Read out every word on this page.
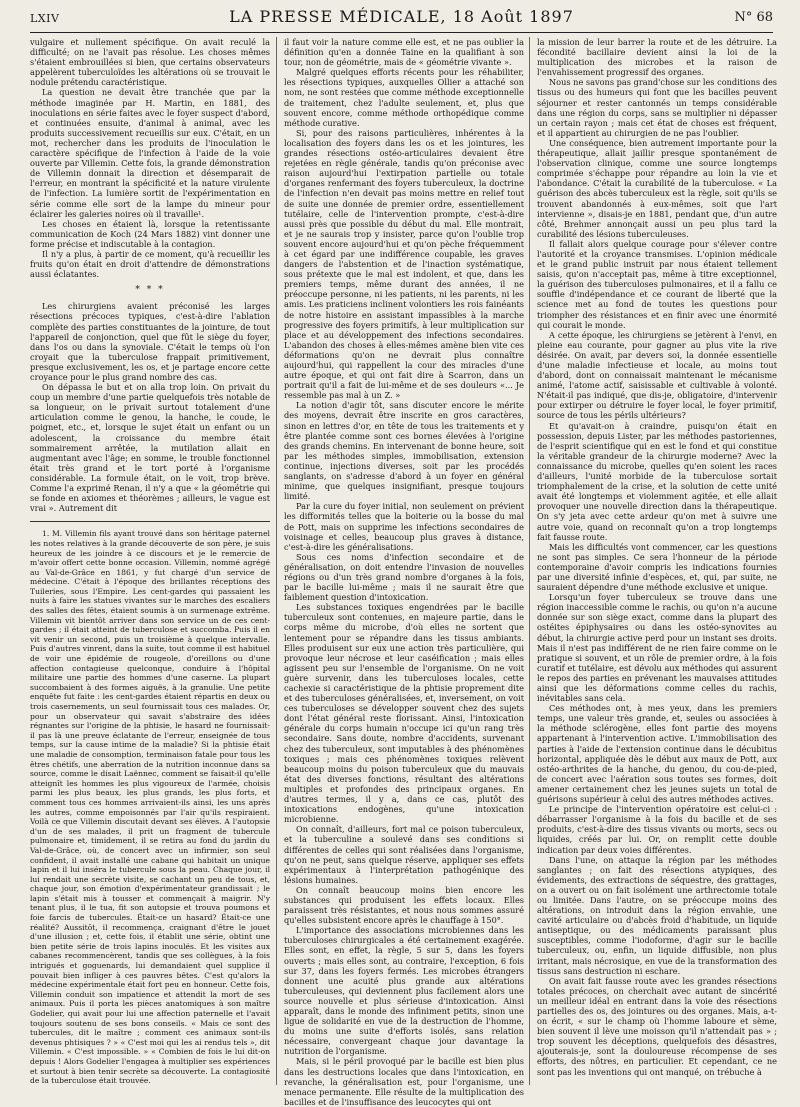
LXIV	LA PRESSE MÉDICALE, 18 Août 1897	N° 68

vulgaire et nullement spécifique. On avait reculé la difficulté; on ne l'avait pas résolue. Les choses mêmes s'étaient embrouillées si bien, que certains observateurs appelèrent tuberculoïdes les altérations où se trouvait le nodule prétendu caractéristique.

La question ne devait être tranchée que par la méthode imaginée par H. Martin, en 1881, des inoculations en série faites avec le foyer suspect d'abord, et continuées ensuite, d'animal à animal, avec les produits successivement recueillis sur eux. C'était, en un mot, rechercher dans les produits de l'inoculation le caractère spécifique de l'infection à l'aide de la voie ouverte par Villemin. Cette fois, la grande démonstration de Villemin donnait la direction et désemparait de l'erreur, en montrant la spécificité et la nature virulente de l'infection. La lumière sortit de l'expérimentation en série comme elle sort de la lampe du mineur pour éclairer les galeries noires où il travaille¹.

Les choses en étaient là, lorsque la retentissante communication de Koch (24 Mars 1882) vint donner une forme précise et indiscutable à la contagion.

Il n'y a plus, à partir de ce moment, qu'à recueillir les fruits qu'on était en droit d'attendre de démonstrations aussi éclatantes.

* * *

Les chirurgiens avaient préconisé les larges résections précoces typiques, c'est-à-dire l'ablation complète des parties constituantes de la jointure, de tout l'appareil de conjonction, quel que fût le siège du foyer, dans l'os ou dans la synoviale. C'était le temps où l'on croyait que la tuberculose frappait primitivement, presque exclusivement, les os, et je partage encore cette croyance pour le plus grand nombre des cas.

On dépassa le but et on alla trop loin. On privait du coup un membre d'une partie quelquefois très notable de sa longueur, on le privait surtout totalement d'une articulation comme le genou, la hanche, le coude, le poignet, etc., et, lorsque le sujet était un enfant ou un adolescent, la croissance du membre était sommairement arrêtée, la mutilation allait en augmentant avec l'âge; en somme, le trouble fonctionnel était très grand et le tort porté à l'organisme considérable. La formule était, on le voit, trop brève. Comme l'a exprimé Renan, il n'y a que « la géométrie qui se fonde en axiomes et théorèmes ; ailleurs, le vague est vrai ». Autrement dit

1. M. Villemin fils ayant trouvé dans son héritage paternel les notes relatives à la grande découverte de son père, je suis heureux de les joindre à ce discours et je le remercie de m'avoir offert cette bonne occasion. Villemin, nommé agrégé au Val-de-Grâce en 1861, y fut chargé d'un service de médecine. C'était à l'époque des brillantes réceptions des Tuileries, sous l'Empire. Les cent-gardes qui passaient les nuits à faire les statues vivantes sur le marches des escaliers des salles des fêtes, étaient soumis à un surmenage extrême. Villemin vit bientôt arriver dans son service un de ces cent-gardes ; il était atteint de tuberculose et succomba. Puis il en vit venir un second, puis un troisième à quelque intervalle. Puis d'autres vinrent, dans la suite, tout comme il est habituel de voir une épidémie de rougeole, d'oreillons ou d'une affection contagieuse quelconque, conduire à l'hôpital militaire une partie des hommes d'une caserne. La plupart succombaient à des formes aiguës, à la granulie. Une petite enquête fut faite : les cent-gardes étaient répartis en deux ou trois casernements, un seul fournissait tous ces malades. Or, pour un observateur qui savait s'abstraire des idées régnantes sur l'origine de la phtisie, le hasard ne fournissait-il pas là une preuve éclatante de l'erreur, enseignée de tous temps, sur la cause intime de la maladie? Si la phtisie était une maladie de consomption, terminaison fatale pour tous les êtres chétifs, une aberration de la nutrition inconnue dans sa source, comme le disait Laënnec, comment se faisait-il qu'elle atteignît les hommes les plus vigoureux de l'armée, choisis parmi les plus beaux, les plus grands, les plus forts, et comment tous ces hommes arrivaient-ils ainsi, les uns après les autres, comme empoisonnés par l'air qu'ils respiraient. Voilà ce que Villemin discutait devant ses élèves. A l'autopsie d'un de ses malades, il prit un fragment de tubercule pulmonaire et, timidement, il se retira au fond du jardin du Val-de-Grâce, où, de concert avec un infirmier, son seul confident, il avait installé une cabane qui habitait un unique lapin et il lui inséra le tubercule sous la peau. Chaque jour, il lui rendait une secrète visite, se cachant un peu de tous, et, chaque jour, son émotion d'expérimentateur grandissait ; le lapin s'était mis à tousser et commençait à maigrir. N'y tenant plus, il le tua, fit son autopsie et trouva poumons et foie farcis de tubercules. Était-ce un hasard? Était-ce une réalité? Aussitôt, il recommença, craignant d'être le jouet d'une illusion ; et, cette fois, il établit une série, obtint une bien petite série de trois lapins inoculés. Et les visites aux cabanes recommencèrent, tandis que ses collègues, à la fois intrigués et goguenards, lui demandaient quel supplice il pouvait bien infliger à ces pauvres bêtes. C'est qu'alors la médecine expérimentale était fort peu en honneur. Cette fois, Villemin conduit son impatience et attendit la mort de ses animaux. Puis il porta les pièces anatomiques à son maître Godelier, qui avait pour lui une affection paternelle et l'avait toujours soutenu de ses bons conseils. « Mais ce sont des tubercules, dit le maître ; comment ces animaux sont-ils devenus phtisiques ? » « C'est moi qui les ai rendus tels », dit Villemin. « C'est impossible. » « Combien de fois le lui dit-on depuis ! Alors Godelier l'engagea à multiplier ses expériences et surtout à bien tenir secrète sa découverte. La contagiosité de la tuberculose était trouvée.

il faut voir la nature comme elle est, et ne pas oublier la définition qu'en a donnée Taine en la qualifiant à son tour, non de géométrie, mais de « géométrie vivante ».

Malgré quelques efforts récents pour les réhabiliter, les résections typiques, auxquelles Ollier a attaché son nom, ne sont restées que comme méthode exceptionnelle de traitement, chez l'adulte seulement, et, plus que souvent encore, comme méthode orthopédique comme méthode curative.

Si, pour des raisons particulières, inhérentes à la localisation des foyers dans les os et les jointures, les grandes résections ostéo-articulaires devaient être rejetées en règle générale, tandis qu'on préconise avec raison aujourd'hui l'extirpation partielle ou totale d'organes renfermant des foyers tuberculeux, la doctrine de l'infection n'en devait pas moins mettre en relief tout de suite une donnée de premier ordre, essentiellement tutélaire, celle de l'intervention prompte, c'est-à-dire aussi près que possible du début du mal. Elle montrait, et je ne saurais trop y insister, parce qu'on l'oublie trop souvent encore aujourd'hui et qu'on pèche fréquemment à cet égard par une indifférence coupable, les graves dangers de l'abstention et de l'inaction systématique, sous prétexte que le mal est indolent, et que, dans les premiers temps, même durant des années, il ne préoccupe personne, ni les patients, ni les parents, ni les amis. Les praticiens inclinent volontiers les rois fainéants de notre histoire en assistant impassibles à la marche progressive des foyers primitifs, à leur multiplication sur place et au développement des infections secondaires. L'abandon des choses à elles-mêmes amène bien vite ces déformations qu'on ne devrait plus connaître aujourd'hui, qui rappellent la cour des miracles d'une autre époque, et qui ont fait dire à Scarron, dans un portrait qu'il a fait de lui-même et de ses douleurs «... Je ressemble pas mal à un Z. »

La notion d'agir tôt, sans discuter encore le mérite des moyens, devrait être inscrite en gros caractères, sinon en lettres d'or, en tête de tous les traitements et y être plantée comme sont ces bornes élevées à l'origine des grands chemins. En intervenant de bonne heure, soit par les méthodes simples, immobilisation, extension continue, injections diverses, soit par les procédés sanglants, on s'adresse d'abord à un foyer en général minime, que quelques insignifiant, presque toujours limité.

Par la cure du foyer initial, non seulement on prévient les difformités telles que la boiterie ou la bosse du mal de Pott, mais on supprime les infections secondaires de voisinage et celles, beaucoup plus graves à distance, c'est-à-dire les généralisations.

Sous ces noms d'infection secondaire et de généralisation, on doit entendre l'invasion de nouvelles régions ou d'un très grand nombre d'organes à la fois, par le bacille lui-même ; mais il ne saurait être que faiblement question d'intoxication.

Les substances toxiques engendrées par le bacille tuberculeux sont contenues, en majeure partie, dans le corps même du microbe, d'où elles ne sortent que lentement pour se répandre dans les tissus ambiants. Elles produisent sur eux une action très particulière, qui provoque leur nécrose et leur caséification ; mais elles agissent peu sur l'ensemble de l'organisme. On ne voit guère survenir, dans les tuberculoses locales, cette cachexie si caractéristique de la phtisie proprement dite et des tuberculoses généralisées, et, inversement, on voit ces tuberculoses se développer souvent chez des sujets dont l'état général reste florissant. Ainsi, l'intoxication générale du corps humain n'occupe ici qu'un rang très secondaire. Sans doute, nombre d'accidents, survenant chez des tuberculeux, sont imputables à des phénomènes toxiques ; mais ces phénomènes toxiques relèvent beaucoup moins du poison tuberculeux que du mauvais état des diverses fonctions, résultant des altérations multiples et profondes des principaux organes. En d'autres termes, il y a, dans ce cas, plutôt des intoxications endogènes, qu'une intoxication microbienne.

On connaît, d'ailleurs, fort mal ce poison tuberculeux, et la tuberculine a soulevé dans ses conditions si différentes de celles qui sont réalisées dans l'organisme, qu'on ne peut, sans quelque réserve, appliquer ses effets expérimentaux à l'interprétation pathogénique des lésions humaines.

On connaît beaucoup moins bien encore les substances qui produisent les effets locaux. Elles paraissent très résistantes, et nous nous sommes assuré qu'elles subsistent encore après le chauffage à 150°.

L'importance des associations microbiennes dans les tuberculoses chirurgicales a été certainement exagérée. Elles sont, en effet, la règle, 5 sur 5, dans les foyers ouverts ; mais elles sont, au contraire, l'exception, 6 fois sur 37, dans les foyers fermés. Les microbes étrangers donnent une acuité plus grande aux altérations tuberculeuses, qui deviennent plus facilement alors une source nouvelle et plus sérieuse d'intoxication. Ainsi apparaît, dans le monde des infiniment petits, sinon une ligue de solidarité en vue de la destruction de l'homme, du moins une suite d'efforts isolés, sans relation nécessaire, convergeant chaque jour davantage la nutrition de l'organisme.

Mais, si le péril provoqué par le bacille est bien plus dans les destructions locales que dans l'intoxication, en revanche, la généralisation est, pour l'organisme, une menace permanente. Elle résulte de la multiplication des bacilles et de l'insuffisance des leucocytes qui ont

la mission de leur barrer la route et de les détruire. La fécondité bacillaire devient ainsi la loi de la multiplication des microbes et la raison de l'envahissement progressif des organes.

Nous ne savons pas grand'chose sur les conditions des tissus ou des humeurs qui font que les bacilles peuvent séjourner et rester cantonnés un temps considérable dans une région du corps, sans se multiplier ni dépasser un certain rayon ; mais cet état de choses est fréquent, et il appartient au chirurgien de ne pas l'oublier.

Une conséquence, bien autrement importante pour la thérapeutique, allait jaillir presque spontanément de l'observation clinique, comme une source longtemps comprimée s'échappe pour répandre au loin la vie et l'abondance. C'était la curabilité de la tuberculose. « La guérison des abcès tuberculeux est la règle, soit qu'ils se trouvent abandonnés à eux-mêmes, soit que l'art intervienne », disais-je en 1881, pendant que, d'un autre côté, Brehmer annonçait aussi un peu plus tard la curabilité des lésions tuberculeuses.

Il fallait alors quelque courage pour s'élever contre l'autorité et la croyance transmises. L'opinion médicale et le grand public instruit par nous étaient tellement saisis, qu'on n'acceptait pas, même à titre exceptionnel, la guérison des tuberculoses pulmonaires, et il a fallu ce souffle d'indépendance et ce courant de liberté que la science met au fond de toutes les questions pour triompher des résistances et en finir avec une énormité qui courait le monde.

A cette époque, les chirurgiens se jetèrent à l'envi, en pleine eau courante, pour gagner au plus vite la rive désirée. On avait, par devers soi, la donnée essentielle d'une maladie infectieuse et locale, au moins tout d'abord, dont on connaissait maintenant le mécanisme animé, l'atome actif, saisissable et cultivable à volonté. N'était-il pas indiqué, que dis-je, obligatoire, d'intervenir pour extirper ou détruire le foyer local, le foyer primitif, source de tous les périls ultérieurs?

Et qu'avait-on à craindre, puisqu'on était en possession, depuis Lister, par les méthodes pastoriennes, de l'esprit scientifique qui en est le fond et qui constitue la véritable grandeur de la chirurgie moderne? Avec la connaissance du microbe, quelles qu'en soient les races d'ailleurs, l'unité morbide de la tuberculose sortait triomphalement de la crise, et la solution de cette unité avait été longtemps et violemment agitée, et elle allait provoquer une nouvelle direction dans la thérapeutique. On s'y jeta avec cette ardeur qu'on met à suivre une autre voie, quand on reconnaît qu'on a trop longtemps fait fausse route.

Mais les difficultés vont commencer, car les questions ne sont pas simples. Ce sera l'honneur de la période contemporaine d'avoir compris les indications fournies par une diversité infinie d'espèces, et, qui, par suite, ne sauraient dépendre d'une méthode exclusive et unique.

Lorsqu'un foyer tuberculeux se trouve dans une région inaccessible comme le rachis, ou qu'on n'a aucune donnée sur son siège exact, comme dans la plupart des ostéites épiphysaires ou dans les ostéo-synovites au début, la chirurgie active perd pour un instant ses droits. Mais il n'est pas indifférent de ne rien faire comme on le pratique si souvent, et un rôle de premier ordre, à la fois curatif et tutélaire, est dévolu aux méthodes qui assurent le repos des parties en prévenant les mauvaises attitudes ainsi que les déformations comme celles du rachis, inévitables sans cela.

Ces méthodes ont, à mes yeux, dans les premiers temps, une valeur très grande, et, seules ou associées à la méthode sclérogène, elles font partie des moyens appartenant à l'intervention active. L'immobilisation des parties à l'aide de l'extension continue dans le décubitus horizontal, appliquée dès le début aux maux de Pott, aux ostéo-arthrites de la hanche, du genou, du cou-de-pied, de concert avec l'aération sous toutes ses formes, doit amener certainement chez les jeunes sujets un total de guérisons supérieur à celui des autres méthodes actives.

Le principe de l'intervention opératoire est celui-ci : débarrasser l'organisme à la fois du bacille et de ses produits, c'est-à-dire des tissus vivants ou morts, secs ou liquides, créés par lui. Or, on remplit cette double indication par deux voies différentes.

Dans l'une, on attaque la région par les méthodes sanglantes ; on fait des résections atypiques, des évidements, des extractions de séquestre, des grattages, on a ouvert ou on fait isolément une arthrectomie totale ou limitée. Dans l'autre, on se préoccupe moins des altérations, on introduit dans la région envahie, une cavité articulaire ou d'abcès froid d'habitude, un liquide antiseptique, ou des médicaments paraissant plus susceptibles, comme l'iodoforme, d'agir sur le bacille tuberculeux, ou, enfin, un liquide diffusible, non plus irritant, mais nécrosique, en vue de la transformation des tissus sans destruction ni eschare.

On avait fait fausse route avec les grandes résections totales précoces, on cherchait avec autant de sincérité un meilleur idéal en entrant dans la voie des résections partielles des os, des jointures ou des organes. Mais, a-t-on écrit, « sur le champ où l'homme laboure et sème, bien souvent il lève une moisson qu'il n'attendait pas » ; trop souvent les déceptions, quelquefois des désastres, ajouterais-je, sont la douloureuse récompense de ses efforts, des nôtres, en particulier. Et cependant, ce ne sont pas les inventions qui ont manqué, on trébuche à
